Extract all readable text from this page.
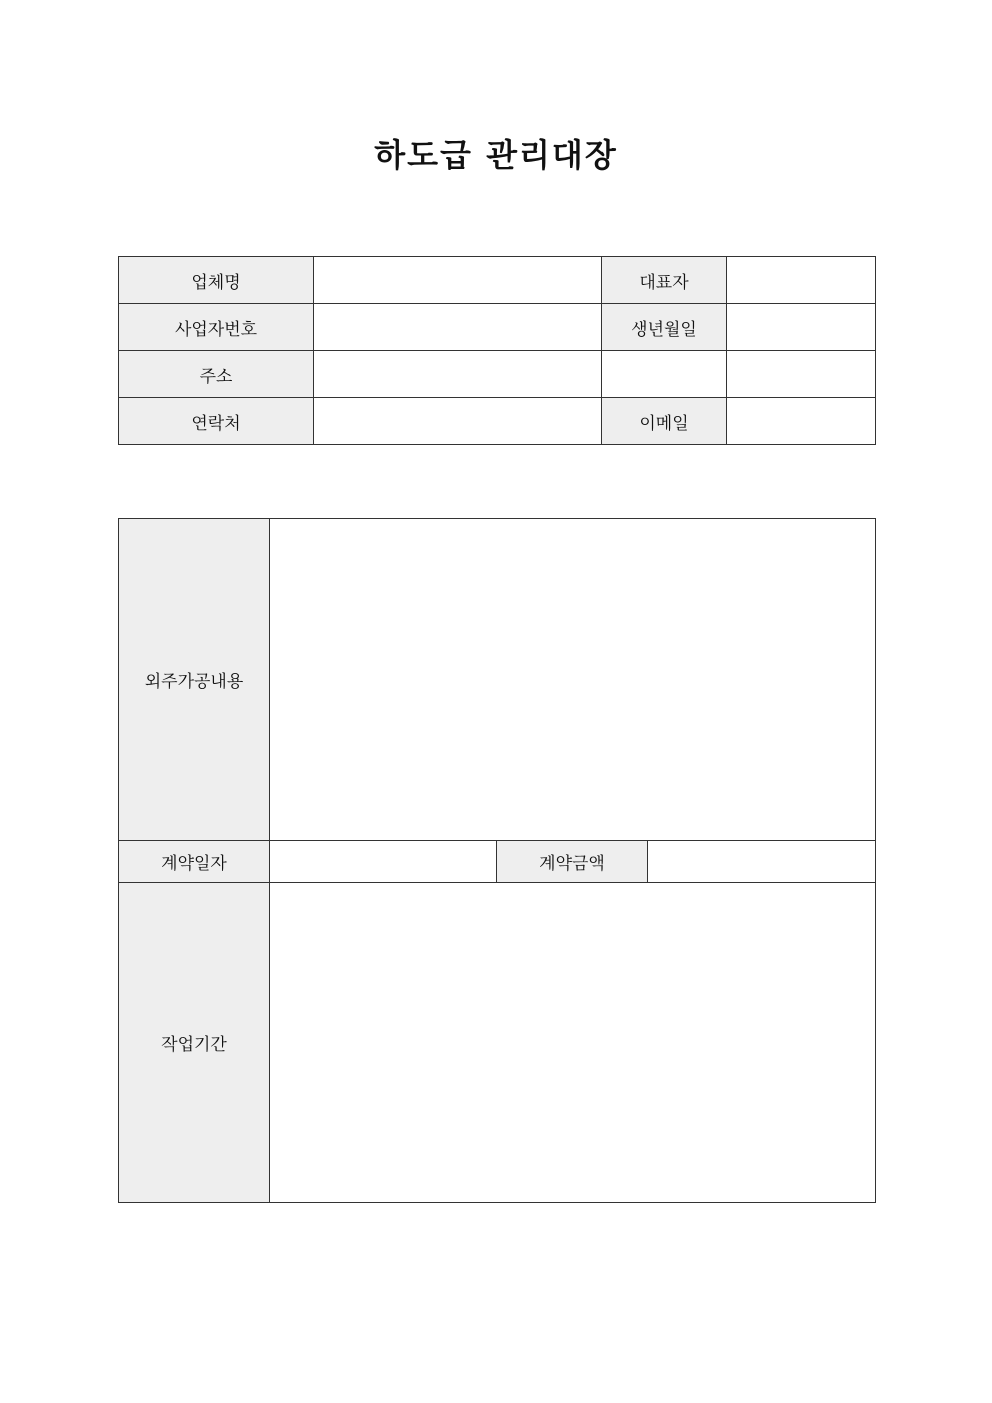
하도급 관리대장
업체명		대표자	
사업자번호		생년월일	
주소			
연락처		이메일	
외주가공내용			
계약일자		계약금액	
작업기간			
